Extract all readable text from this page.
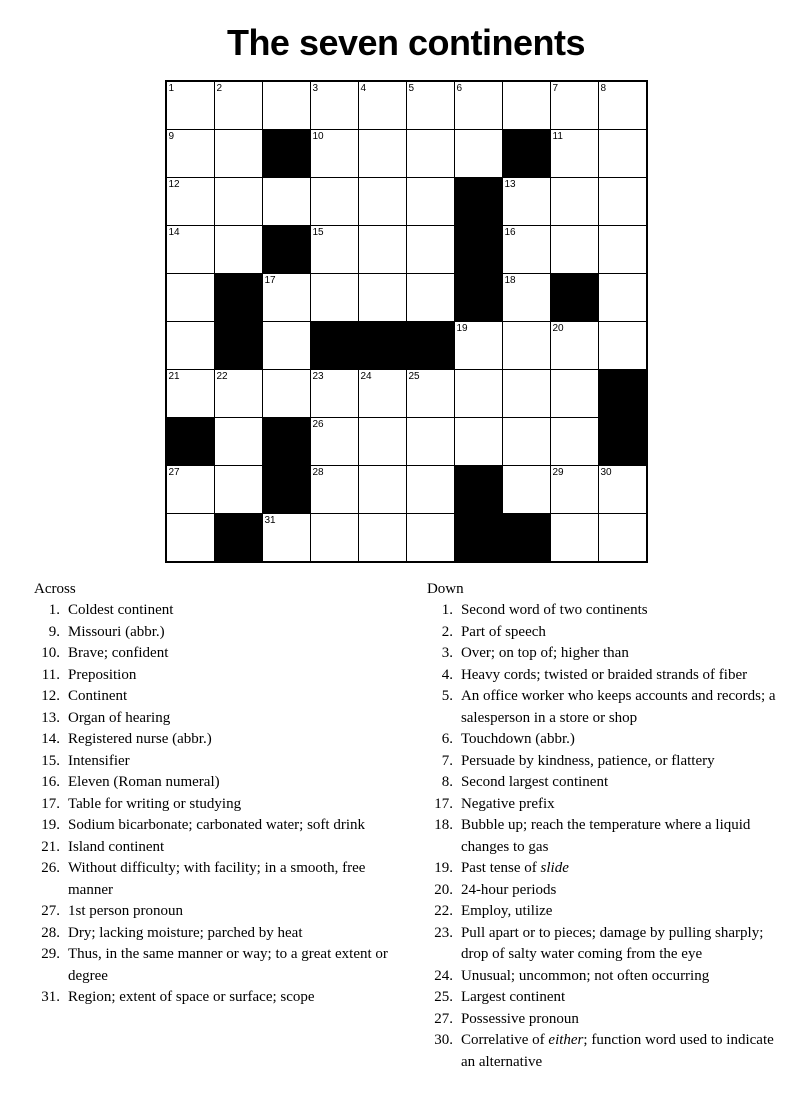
The seven continents
1	2		3	4	5	6		7	8

9			10					11	

12							13		

14			15				16		

		17					18		

						19		20	

21	22		23	24	25				

			26						

27			28					29	30

		31							

Across
1. Coldest continent
9. Missouri (abbr.)
10. Brave; confident
11. Preposition
12. Continent
13. Organ of hearing
14. Registered nurse (abbr.)
15. Intensifier
16. Eleven (Roman numeral)
17. Table for writing or studying
19. Sodium bicarbonate; carbonated water; soft drink
21. Island continent
26. Without difficulty; with facility; in a smooth, free manner
27. 1st person pronoun
28. Dry; lacking moisture; parched by heat
29. Thus, in the same manner or way; to a great extent or degree
31. Region; extent of space or surface; scope
Down
1. Second word of two continents
2. Part of speech
3. Over; on top of; higher than
4. Heavy cords; twisted or braided strands of fiber
5. An office worker who keeps accounts and records; a salesperson in a store or shop
6. Touchdown (abbr.)
7. Persuade by kindness, patience, or flattery
8. Second largest continent
17. Negative prefix
18. Bubble up; reach the temperature where a liquid changes to gas
19. Past tense of slide
20. 24-hour periods
22. Employ, utilize
23. Pull apart or to pieces; damage by pulling sharply; drop of salty water coming from the eye
24. Unusual; uncommon; not often occurring
25. Largest continent
27. Possessive pronoun
30. Correlative of either; function word used to indicate an alternative
